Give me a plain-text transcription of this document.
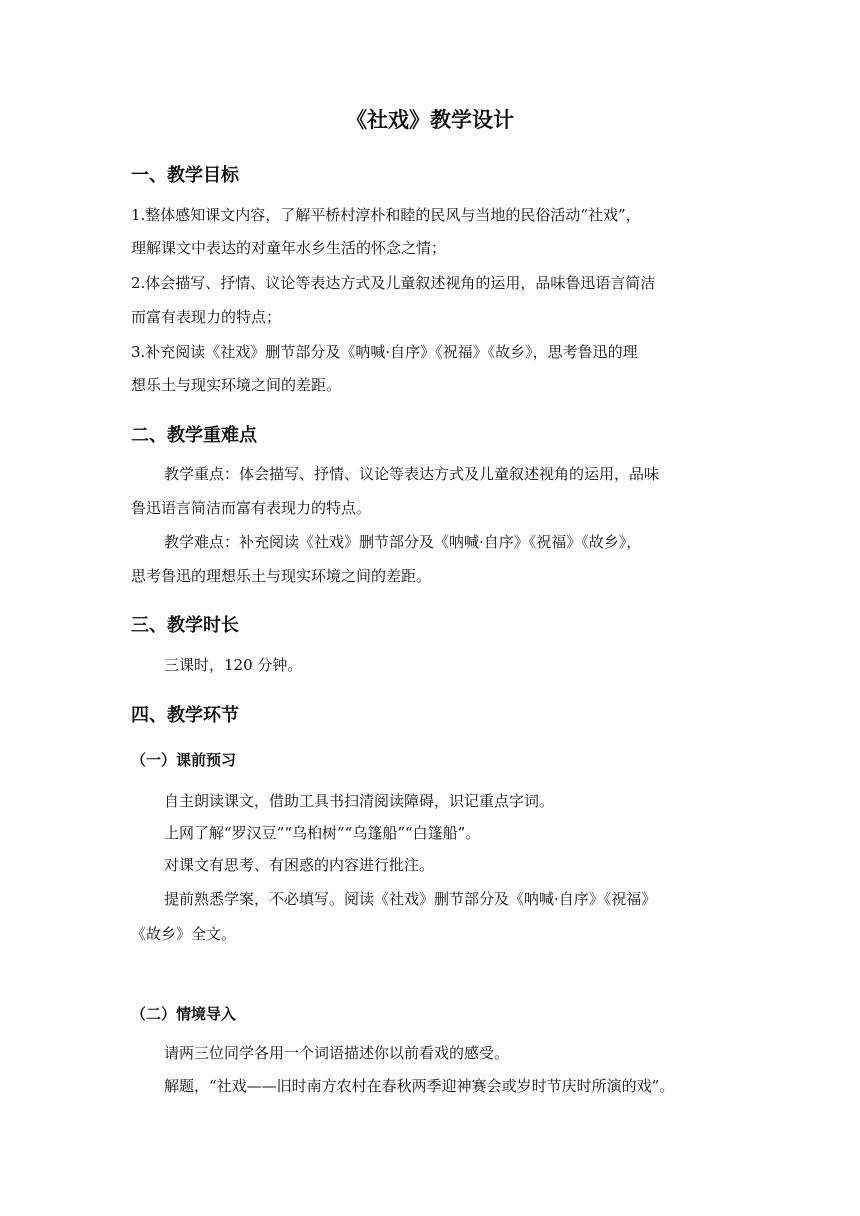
《社戏》教学设计
一、教学目标
1.整体感知课文内容，了解平桥村淳朴和睦的民风与当地的民俗活动“社戏”，
理解课文中表达的对童年水乡生活的怀念之情；
2.体会描写、抒情、议论等表达方式及儿童叙述视角的运用，品味鲁迅语言简洁
而富有表现力的特点；
3.补充阅读《社戏》删节部分及《呐喊·自序》《祝福》《故乡》，思考鲁迅的理
想乐土与现实环境之间的差距。
二、教学重难点
教学重点：体会描写、抒情、议论等表达方式及儿童叙述视角的运用，品味
鲁迅语言简洁而富有表现力的特点。
教学难点：补充阅读《社戏》删节部分及《呐喊·自序》《祝福》《故乡》，
思考鲁迅的理想乐土与现实环境之间的差距。
三、教学时长
三课时，120 分钟。
四、教学环节
（一）课前预习
自主朗读课文，借助工具书扫清阅读障碍，识记重点字词。
上网了解“罗汉豆”“乌桕树”“乌篷船”“白篷船”。
对课文有思考、有困惑的内容进行批注。
提前熟悉学案，不必填写。阅读《社戏》删节部分及《呐喊·自序》《祝福》
《故乡》全文。
（二）情境导入
请两三位同学各用一个词语描述你以前看戏的感受。
解题，“社戏——旧时南方农村在春秋两季迎神赛会或岁时节庆时所演的戏”。
